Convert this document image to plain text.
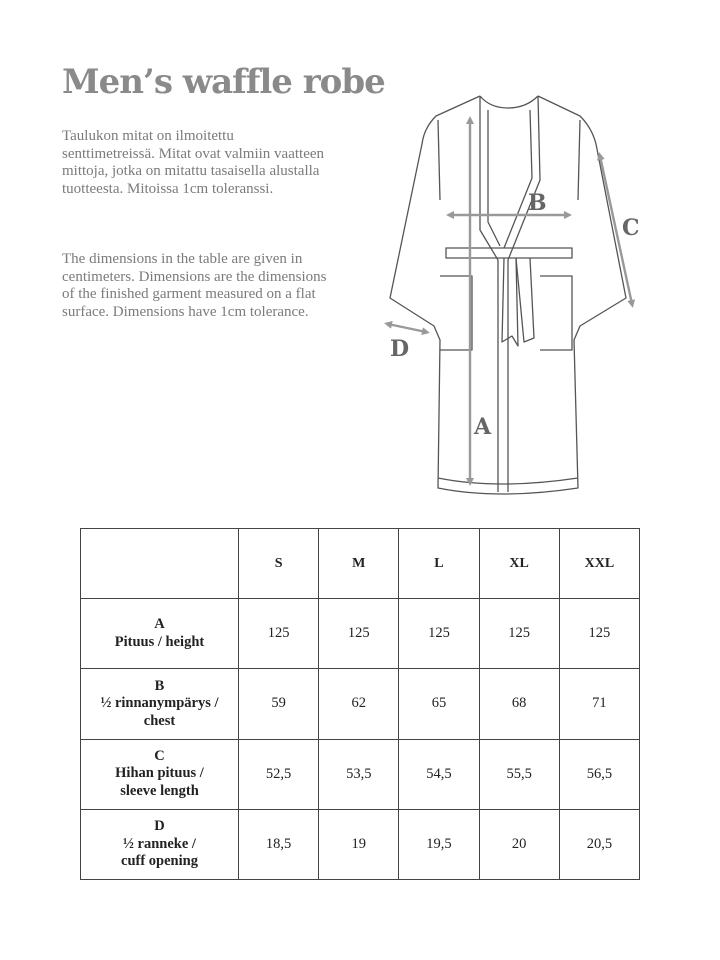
Men’s waffle robe
Taulukon mitat on ilmoitettu senttimetreissä. Mitat ovat valmiin vaatteen mittoja, jotka on mitattu tasaisella alustalla tuotteesta. Mitoissa 1cm toleranssi.
The dimensions in the table are given in centimeters. Dimensions are the dimensions of the finished garment measured on a flat surface. Dimensions have 1cm tolerance.
A
B
C
D
	S	M	L	XL	XXL

A
Pituus / height	125	125	125	125	125

B
½ rinnanympärys /
chest	59	62	65	68	71

C
Hihan pituus /
sleeve length	52,5	53,5	54,5	55,5	56,5

D
½ ranneke /
cuff opening	18,5	19	19,5	20	20,5
